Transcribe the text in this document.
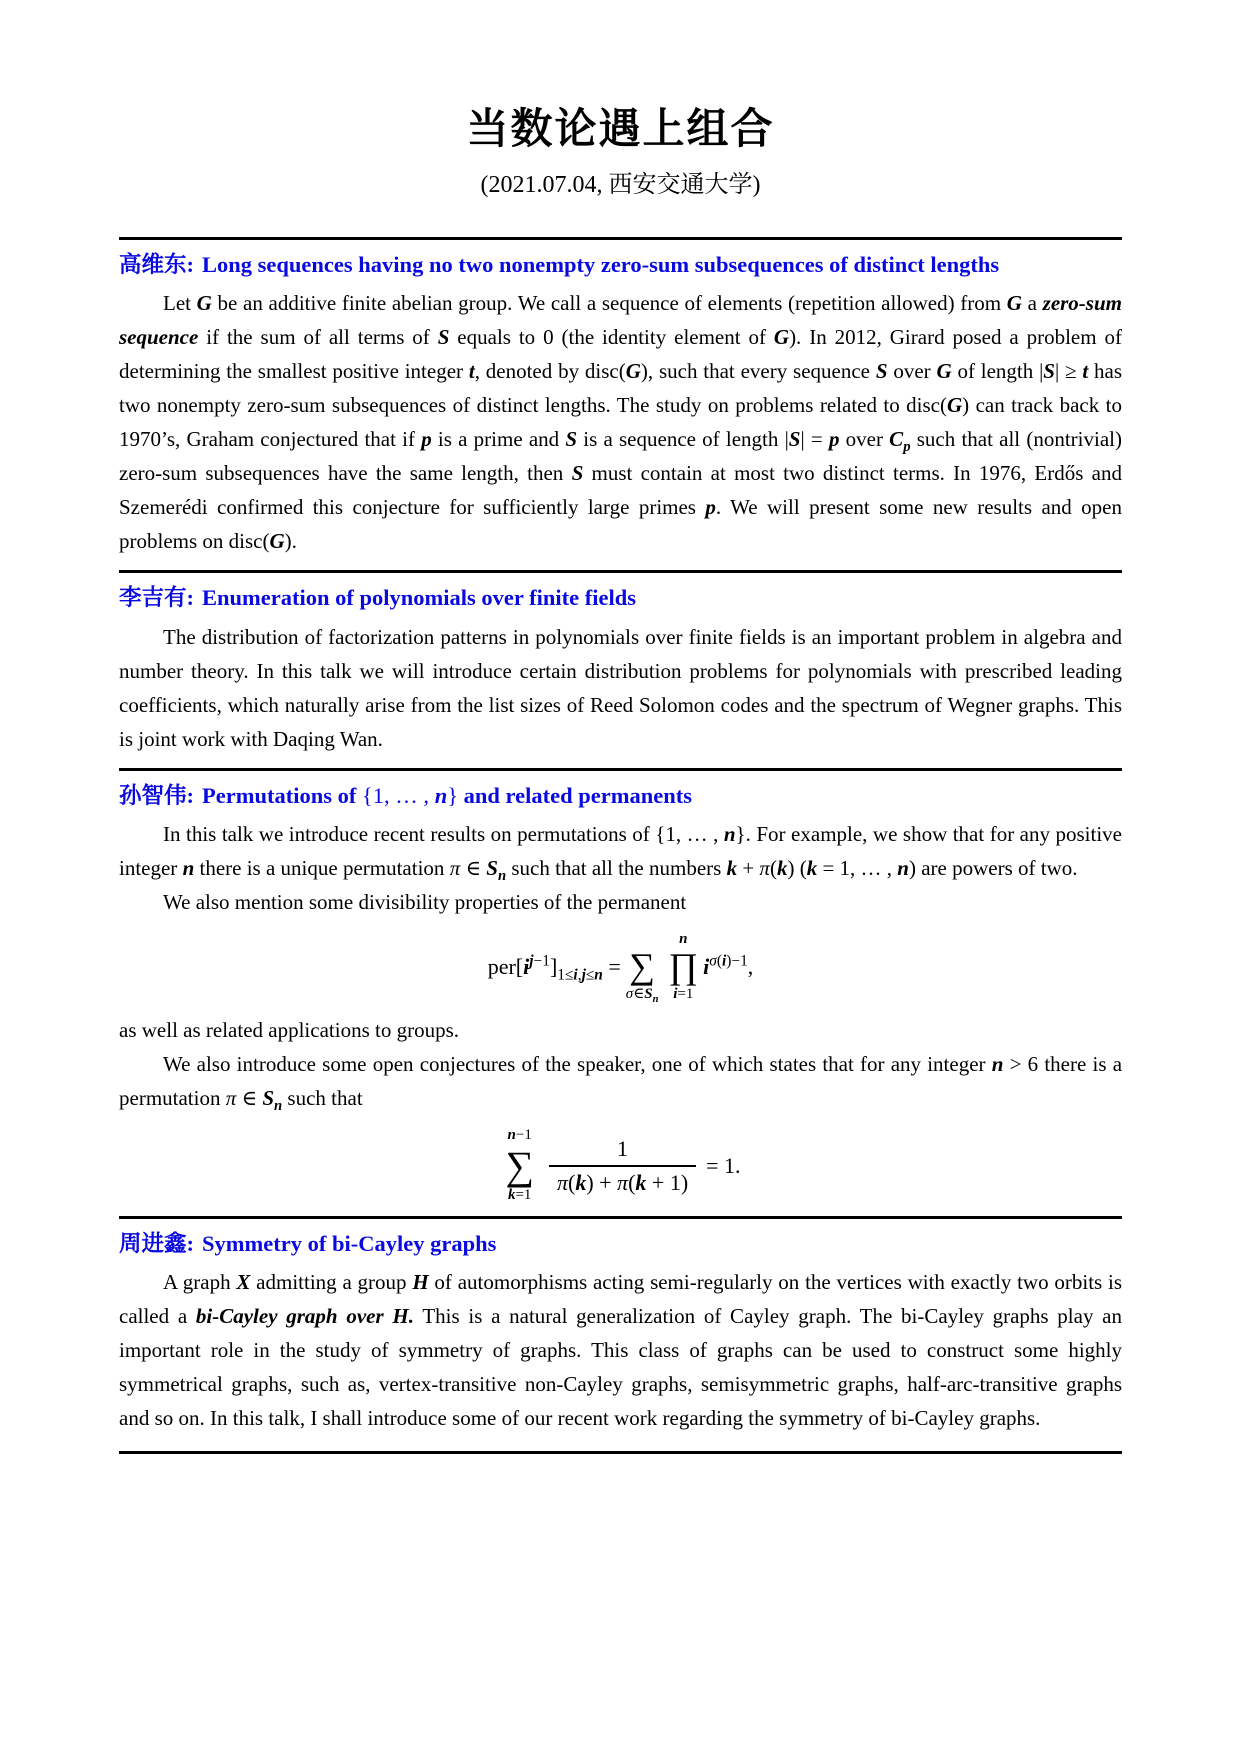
当数论遇上组合
(2021.07.04, 西安交通大学)
高维东: Long sequences having no two nonempty zero-sum subsequences of distinct lengths

Let G be an additive finite abelian group. We call a sequence of elements (repetition allowed) from G a zero-sum sequence if the sum of all terms of S equals to 0 (the identity element of G). In 2012, Girard posed a problem of determining the smallest positive integer t, denoted by disc(G), such that every sequence S over G of length |S| ≥ t has two nonempty zero-sum subsequences of distinct lengths. The study on problems related to disc(G) can track back to 1970’s, Graham conjectured that if p is a prime and S is a sequence of length |S| = p over $C_p$ such that all (nontrivial) zero-sum subsequences have the same length, then S must contain at most two distinct terms. In 1976, Erdős and Szemerédi confirmed this conjecture for sufficiently large primes p. We will present some new results and open problems on disc(G).

李吉有: Enumeration of polynomials over finite fields

The distribution of factorization patterns in polynomials over finite fields is an important problem in algebra and number theory. In this talk we will introduce certain distribution problems for polynomials with prescribed leading coefficients, which naturally arise from the list sizes of Reed Solomon codes and the spectrum of Wegner graphs. This is joint work with Daqing Wan.

孙智伟: Permutations of {1, … , n} and related permanents

In this talk we introduce recent results on permutations of {1, … , n}. For example, we show that for any positive integer n there is a unique permutation π ∈ $S_n$ such that all the numbers k + π(k) (k = 1, … , n) are powers of two.

We also mention some divisibility properties of the permanent

$per[i^{j-1}]_{1\le i,j\le n}$ = ∑
$\sigma\in S_n$
n
∏
i=1
$i^{\sigma(i)-1}$,

as well as related applications to groups.

We also introduce some open conjectures of the speaker, one of which states that for any integer n > 6 there is a permutation π ∈ $S_n$ such that

n−1
∑
$k=1 \frac{1}{\pi(k) + \pi(k + 1)} = 1$.
周进鑫: Symmetry of bi-Cayley graphs

A graph X admitting a group H of automorphisms acting semi-regularly on the vertices with exactly two orbits is called a bi-Cayley graph over H. This is a natural generalization of Cayley graph. The bi-Cayley graphs play an important role in the study of symmetry of graphs. This class of graphs can be used to construct some highly symmetrical graphs, such as, vertex-transitive non-Cayley graphs, semisymmetric graphs, half-arc-transitive graphs and so on. In this talk, I shall introduce some of our recent work regarding the symmetry of bi-Cayley graphs.
